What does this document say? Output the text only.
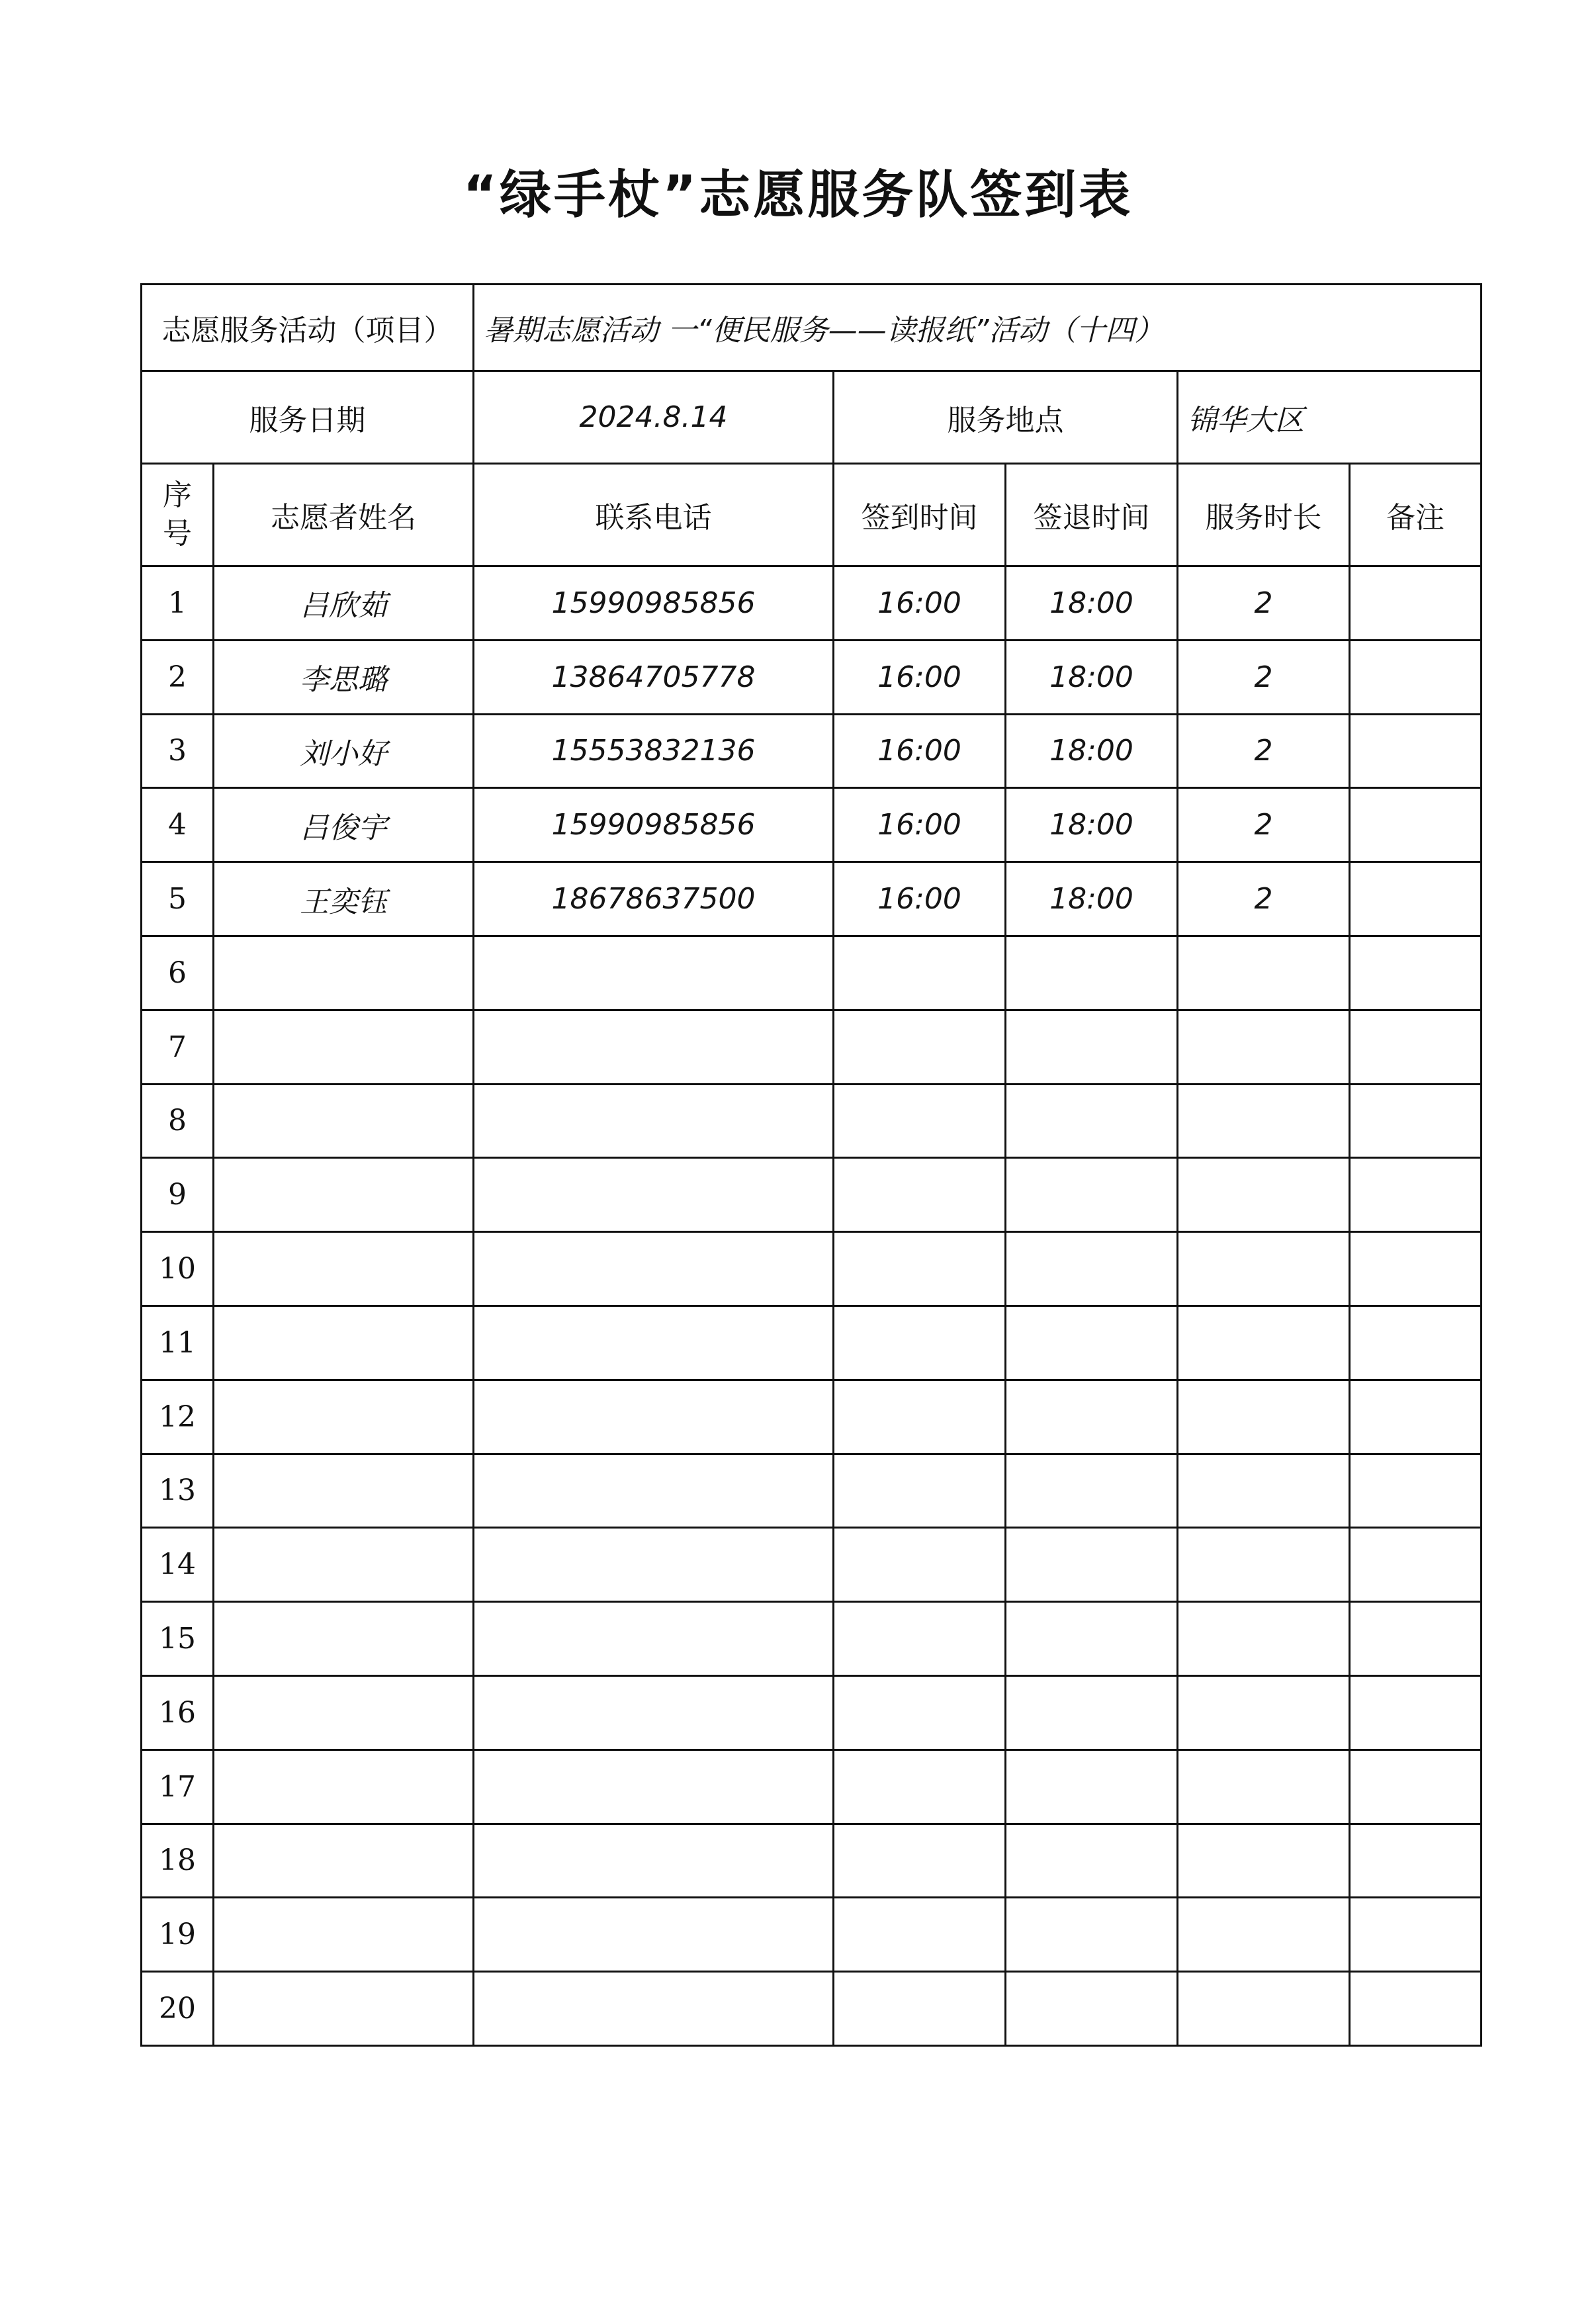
“绿手杖”志愿服务队签到表
志愿服务活动（项目）		暑期志愿活动 一“便民服务——读报纸”活动（十四）				
服务日期		2024.8.14	服务地点		锦华大区	

序号	志愿者姓名	联系电话	签到时间	签退时间	服务时长	备注
1	吕欣茹	15990985856	16:00	18:00	2	
2	李思璐	13864705778	16:00	18:00	2	
3	刘小好	15553832136	16:00	18:00	2	
4	吕俊宇	15990985856	16:00	18:00	2	
5	王奕钰	18678637500	16:00	18:00	2	
6						
7						
8						
9						
10						
11						
12						
13						
14						
15						
16						
17						
18						
19						
20						
